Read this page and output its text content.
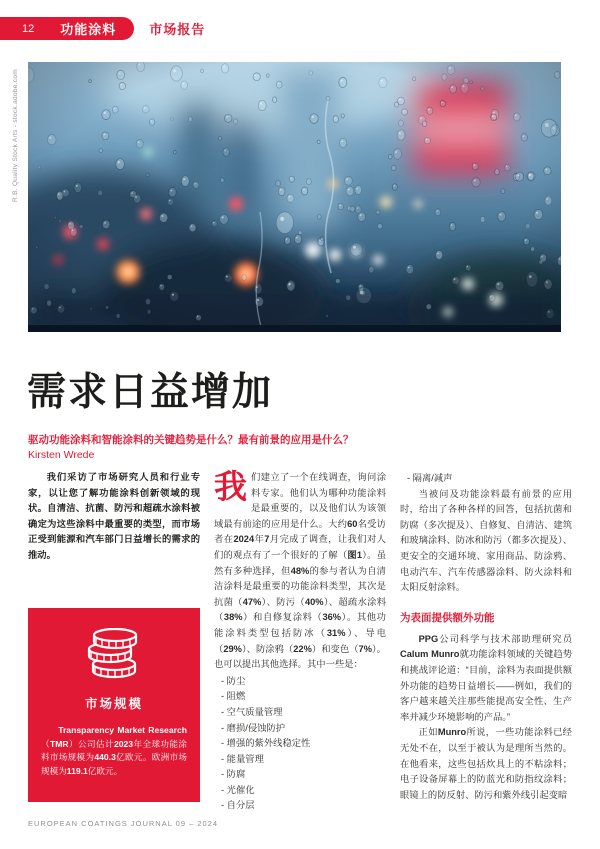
12 功能涂料	市场报告
R.B. Quality Stock Arts - stock.adobe.com
需求日益增加
驱动功能涂料和智能涂料的关键趋势是什么？最有前景的应用是什么？
Kirsten Wrede

我们采访了市场研究人员和行业专家，以让您了解功能涂料创新领域的现状。自清洁、抗菌、防污和超疏水涂料被确定为这些涂料中最重要的类型，而市场正受到能源和汽车部门日益增长的需求的推动。

市场规模
Transparency Market Research（TMR）公司估计2023年全球功能涂料市场规模为440.3亿欧元。欧洲市场规模为119.1亿欧元。

我们建立了一个在线调查，询问涂料专家。他们认为哪种功能涂料是最重要的，以及他们认为该领域最有前途的应用是什么。大约60名受访者在2024年7月完成了调查，让我们对人们的观点有了一个很好的了解（图1）。虽然有多种选择，但48%的参与者认为自清洁涂料是最重要的功能涂料类型，其次是抗菌（47%）、防污（40%）、超疏水涂料（38%）和自修复涂料（36%）。其他功能涂料类型包括防冰（31%）、导电（29%）、防涂鸦（22%）和变色（7%）。也可以提出其他选择。其中一些是：

- 防尘
- 阻燃
- 空气质量管理
- 磨损/侵蚀防护
- 增强的紫外线稳定性
- 能量管理
- 防腐
- 光催化
- 自分层
- 隔离/减声

当被问及功能涂料最有前景的应用时，给出了各种各样的回答，包括抗菌和防腐（多次提及）、自修复、自清洁、建筑和玻璃涂料、防冰和防污（都多次提及）、更安全的交通环境、家用商品、防涂鸦、电动汽车、汽车传感器涂料、防火涂料和太阳反射涂料。

为表面提供额外功能

PPG公司科学与技术部助理研究员Calum Munro就功能涂料领域的关键趋势和挑战评论道：“目前，涂料为表面提供额外功能的趋势日益增长——例如，我们的客户越来越关注那些能提高安全性、生产率并减少环境影响的产品。”

正如Munro所说，一些功能涂料已经无处不在，以至于被认为是理所当然的。在他看来，这些包括炊具上的不粘涂料；电子设备屏幕上的防蓝光和防指纹涂料；眼镜上的防反射、防污和紫外线引起变暗

EUROPEAN COATINGS JOURNAL 09 – 2024
